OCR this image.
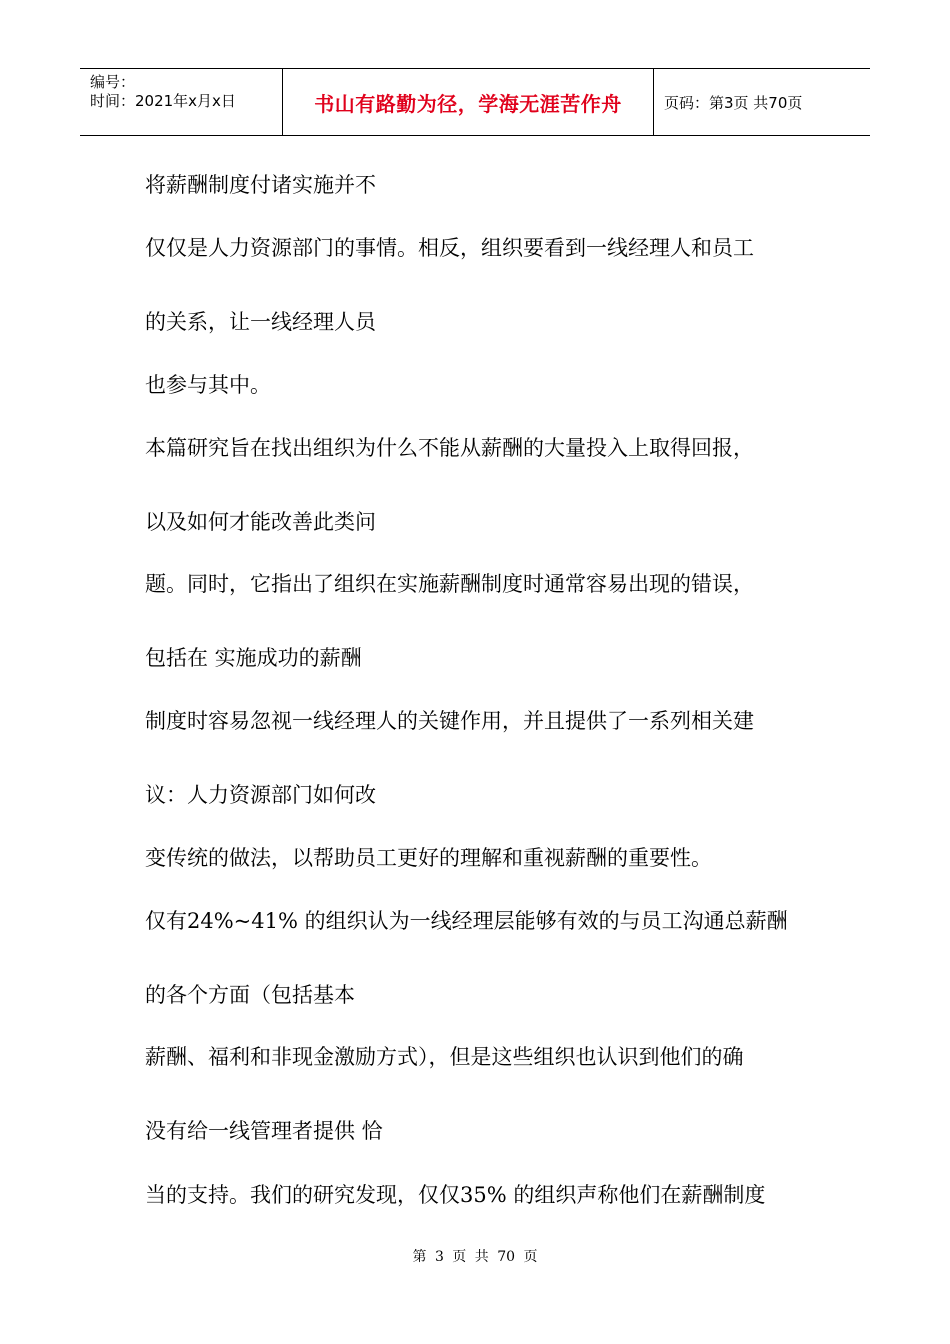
编号：
时间：2021年x月x日	书山有路勤为径，学海无涯苦作舟	页码：第3页 共70页
将薪酬制度付诸实施并不
仅仅是人力资源部门的事情。相反，组织要看到一线经理人和员工
的关系，让一线经理人员
也参与其中。
本篇研究旨在找出组织为什么不能从薪酬的大量投入上取得回报，
以及如何才能改善此类问
题。同时，它指出了组织在实施薪酬制度时通常容易出现的错误，
包括在 实施成功的薪酬
制度时容易忽视一线经理人的关键作用，并且提供了一系列相关建
议：人力资源部门如何改
变传统的做法，以帮助员工更好的理解和重视薪酬的重要性。
仅有24%~41% 的组织认为一线经理层能够有效的与员工沟通总薪酬
的各个方面（包括基本
薪酬、福利和非现金激励方式），但是这些组织也认识到他们的确
没有给一线管理者提供 恰
当的支持。我们的研究发现，仅仅35% 的组织声称他们在薪酬制度
第 3 页 共 70 页
